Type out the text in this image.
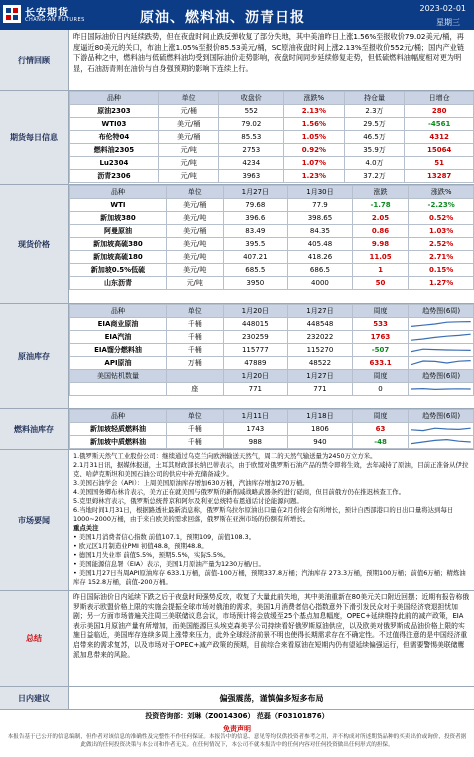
长安期货
CHANG-AN FUTURES	原油、燃料油、沥青日报
2023-02-01
星期三
行情回顾
昨日国际油价日内延续跌势，但在夜盘时间止跌反弹收复了部分失地，其中美油昨日上涨1.56%至报收价79.02美元/桶，再度逼近80美元的关口，布油上涨1.05%至报价85.53美元/桶，SC原油夜盘时间上涨2.13%至报收价552元/桶；国内产业链下游品种之中，燃料油与低硫燃料油均受到国际油价走势影响，夜盘时间同步延续修复走势，但低硫燃料油幅度相对更为明显，石油沥青则在油价与自身强预期的影响下连续上行。
期货每日信息
品种	单位	收盘价	涨跌%	持仓量	日增仓
原油2303	元/桶	552	2.13%	2.3万	280
WTI03	美元/桶	79.02	1.56%	29.5万	-4561
布伦特04	美元/桶	85.53	1.05%	46.5万	4312
燃料油2305	元/吨	2753	0.92%	35.9万	15064
Lu2304	元/吨	4234	1.07%	4.0万	51
沥青2306	元/吨	3963	1.23%	37.2万	13287
现货价格
品种	单位	1月27日	1月30日	涨跌	涨跌%
WTI	美元/桶	79.68	77.9	-1.78	-2.23%
新加坡380	美元/吨	396.6	398.65	2.05	0.52%
阿曼原油	美元/桶	83.49	84.35	0.86	1.03%
新加坡高硫380	美元/吨	395.5	405.48	9.98	2.52%
新加坡高硫180	美元/吨	407.21	418.26	11.05	2.71%
新加坡0.5%低硫	美元/吨	685.5	686.5	1	0.15%
山东沥青	元/吨	3950	4000	50	1.27%
原油库存
品种	单位	1月20日	1月27日	周度	趋势图(6周)
EIA商业原油	千桶	448015	448548	533	

EIA汽油	千桶	230259	232022	1763	

EIA馏分燃料油	千桶	115777	115270	-507	

API原油	万桶	47889	48522	633.1	

美国钻机数量		1月20日	1月27日	周度	趋势图(6周)
	座	771	771	0	
燃料油库存
品种	单位	1月11日	1月18日	周度	趋势图(6周)
新加坡轻质燃料油	千桶	1743	1806	63	

新加坡中质燃料油	千桶	988	940	-48	
市场要闻

1.俄罗斯天然气工业股份公司：继续通过乌克兰向欧洲输送天然气，周二的天然气输送量为2450万立方米。

2.1月31日讯，据媒体报道，土耳其财政部长纳巴蒂表示，由于欧盟对俄罗斯石油产品的禁令即将生效，去年减持了原油，目前正准备从伊拉克、哈萨克斯坦和美国石油公司的供应中补充储备减少。

3.美国石油学会（API）：上周美国原油库存增加630万桶，汽油库存增加270万桶。

4.美国国务卿布林肯表示，美方正在就美国与俄罗斯的新削减战略武器条约进行磋商，但目前俄方仍在推迟核查工作。

5.克里姆林宫表示，俄罗斯总统普京和阿尔及利亚总统特布恩通话讨论能源问题。

6.当地时间1月31日，根据路透社最新消息称，俄罗斯乌拉尔原油出口量在2月份将会有所增长，预计自西部港口的日出口量将达到每日1000~2000万桶，由于来自欧美的需求回落，俄罗斯在亚洲市场的份额有所增长。

重点关注

• 美国1月消费者信心指数 前值107.1，预期109，前值108.3。

• 欧元区1月制造业PMI 初值48.8，预期48.8。

• 德国1月失业率 前值5.5%，预期5.5%，实际5.5%。

• 美国能源信息署（EIA）表示，美国1月原油产量为1230万桶/日。

• 美国1月27日当周API原油库存 633.1万桶，前值-100万桶，预期337.8万桶；汽油库存 273.3万桶，预期100万桶；前值6万桶；精炼油库存 152.8万桶，前值-200万桶。

总结
昨日国际油价日内延续下跌之后于夜盘时间强势反攻，收复了大量此前失地，其中美油重新在80美元关口附近回摆；近期有报告称俄罗斯表示欧盟价格上限的实施会提振全球市场对俄油的需求，美国1月消费者信心指数意外下滑引发民众对于美国经济衰退担忧加剧；另一方面市场普遍关注周三美联储议息会议，市场预计将会放缓至25个基点加息幅度，OPEC+延续维持此前的减产政策，EIA表示美国1月原油产量有所增加，而美国能源巨头埃克森美孚公司持续看好俄罗斯原油供应，以及欧美对俄罗斯成品油价格上限的实施日益临近，美国库存连续多周上涨带来压力，此外全球经济前景不明也使得长期需求存在不确定性。不过值得注意的是中国经济重启带来的需求复苏，以及市场对于OPEC+减产政策的预期，目前综合来看原油在短期内仍有望延续偏强运行，但需要警惕美联储鹰派加息带来的风险。
日内建议	偏强震荡，谨慎偏多短多布局
投资咨询部：刘琳（Z0014306） 范磊（F03101876）
免责声明
本报告基于已公开的信息编制，但作者对该信息的准确性及完整性不作任何保证。本报告中的信息、意见等均仅供投资者参考之用，并不构成对所述期货品种的买卖出价或询价，投资者据此做出的任何投资决策与本公司和作者无关。在任何情况下，本公司不就本报告中的任何内容对任何投资做出任何形式的担保。
